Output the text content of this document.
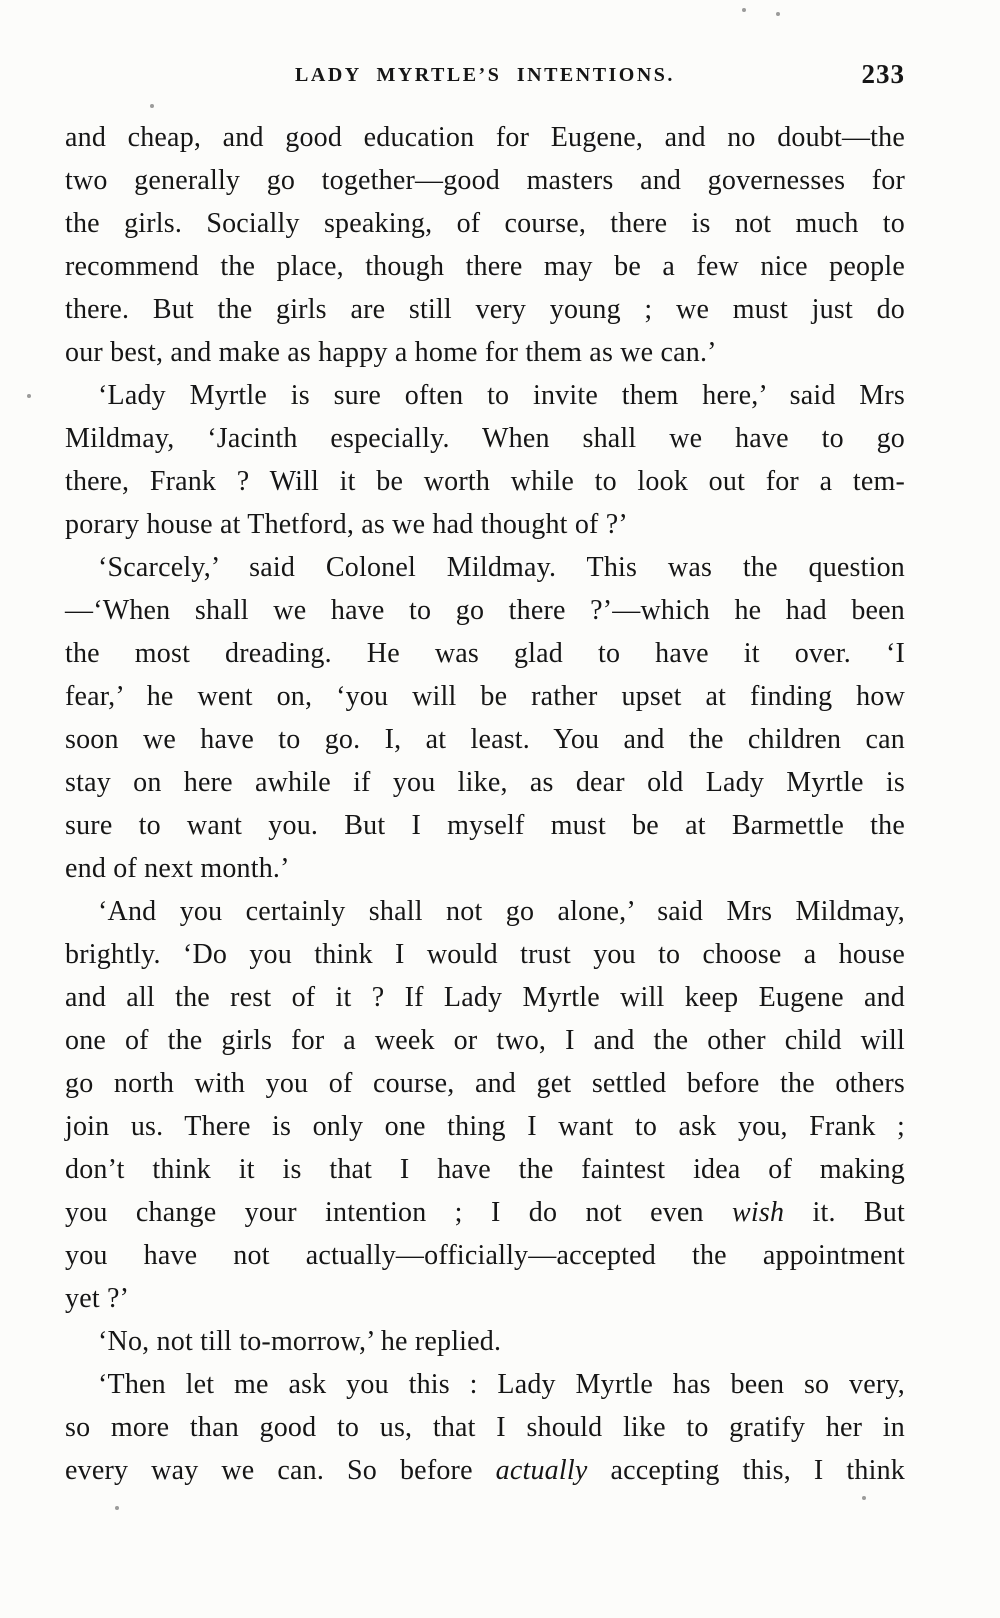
LADY MYRTLE’S INTENTIONS.	233
and cheap, and good education for Eugene, and no doubt—the
two generally go together—good masters and governesses for
the girls. Socially speaking, of course, there is not much to
recommend the place, though there may be a few nice people
there. But the girls are still very young ; we must just do
our best, and make as happy a home for them as we can.’
‘Lady Myrtle is sure often to invite them here,’ said Mrs
Mildmay, ‘Jacinth especially. When shall we have to go
there, Frank ? Will it be worth while to look out for a tem-
porary house at Thetford, as we had thought of ?’
‘Scarcely,’ said Colonel Mildmay. This was the question
—‘When shall we have to go there ?’—which he had been
the most dreading. He was glad to have it over. ‘I
fear,’ he went on, ‘you will be rather upset at finding how
soon we have to go. I, at least. You and the children can
stay on here awhile if you like, as dear old Lady Myrtle is
sure to want you. But I myself must be at Barmettle the
end of next month.’
‘And you certainly shall not go alone,’ said Mrs Mildmay,
brightly. ‘Do you think I would trust you to choose a house
and all the rest of it ? If Lady Myrtle will keep Eugene and
one of the girls for a week or two, I and the other child will
go north with you of course, and get settled before the others
join us. There is only one thing I want to ask you, Frank ;
don’t think it is that I have the faintest idea of making
you change your intention ; I do not even wish it. But
you have not actually—officially—accepted the appointment
yet ?’
‘No, not till to-morrow,’ he replied.
‘Then let me ask you this : Lady Myrtle has been so very,
so more than good to us, that I should like to gratify her in
every way we can. So before actually accepting this, I think
